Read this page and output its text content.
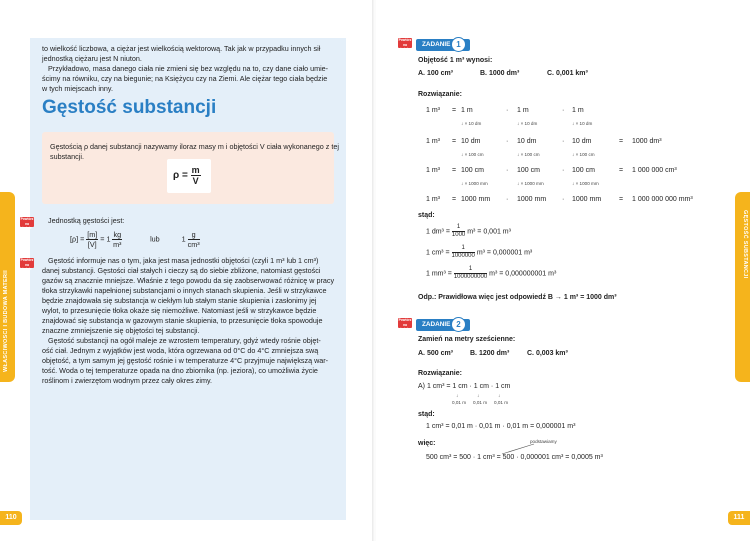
to wielkość liczbowa, a ciężar jest wielkością wektorową. Tak jak w przypadku innych sił
jednostką ciężaru jest N niuton.
Przykładowo, masa danego ciała nie zmieni się bez względu na to, czy dane ciało umie-
ścimy na równiku, czy na biegunie; na Księżycu czy na Ziemi. Ale ciężar tego ciała będzie
w tych miejscach inny.
Gęstość substancji
Gęstością ρ danej substancji nazywamy iloraz masy m i objętości V ciała wykonanego z tej
substancji.
$\rho = \frac{m}{V}$
Powtórz na teście
Jednostką gęstości jest:
$[\rho] = \frac{[m]}{[V]} = 1 \frac{kg}{\text{m³}}$	lub	$1 \frac{g}{\text{cm³}}$
Gęstość informuje nas o tym, jaka jest masa jednostki objętości (czyli 1 m³ lub 1 cm³)
danej substancji. Gęstości ciał stałych i cieczy są do siebie zbliżone, natomiast gęstości
gazów są znacznie mniejsze. Właśnie z tego powodu da się zaobserwować różnicę w pracy
tłoka strzykawki napełnionej substancjami o innych stanach skupienia. Jeśli w strzykawce
będzie znajdowała się substancja w ciekłym lub stałym stanie skupienia i zasłonimy jej
wylot, to przesunięcie tłoka okaże się niemożliwe. Natomiast jeśli w strzykawce będzie
znajdować się substancja w gazowym stanie skupienia, to przesunięcie tłoka spowoduje
znaczne zmniejszenie się objętości tej substancji.
Gęstość substancji na ogół maleje ze wzrostem temperatury, gdyż wtedy rośnie objęt-
ość ciał. Jednym z wyjątków jest woda, która ogrzewana od 0°C do 4°C zmniejsza swą
objętość, a tym samym jej gęstość rośnie i w temperaturze 4°C przyjmuje największą war-
tość. Woda o tej temperaturze opada na dno zbiornika (np. jeziora), co umożliwia życie
roślinom i zwierzętom wodnym przez cały okres zimy.
Powtórz na teście
WŁAŚCIWOŚCI I BUDOWA MATERII
110
Powtórz na teście
ZADANIE 1
Objętość 1 m³ wynosi:
A. 100 cm³	B. 1000 dm³	C. 0,001 km³
Rozwiązanie:
1 m³ = 1 m	· 1 m	· 1 m
↓ × 10 dm	↓ × 10 dm	↓ × 10 dm
1 m³ = 10 dm	· 10 dm	· 10 dm	= 1000 dm³
↓ × 100 cm	↓ × 100 cm	↓ × 100 cm
1 m³ = 100 cm	· 100 cm	· 100 cm	= 1 000 000 cm³
↓ × 1000 mm	↓ × 1000 mm	↓ × 1000 mm
1 m³ = 1000 mm · 1000 mm · 1000 mm	= 1 000 000 000 mm³
stąd:
1 $dm^3 = \frac{1}{1000} m^3 = 0,001$ m³
1 $cm^3 = \frac{1}{1000000} m^3 = 0,000001$ m³
1 $mm^3 = \frac{1}{1000000000} m^3 = 0,000000001$ m³
Odp.: Prawidłowa więc jest odpowiedź B → 1 m³ = 1000 dm³
Powtórz na teście
ZADANIE 2
Zamień na metry sześcienne:
A. 500 cm³ B. 1200 dm³	C. 0,003 km³
Rozwiązanie:
A) 1 cm³ = 1 cm · 1 cm · 1 cm
↓	↓	↓
0,01 m 0,01 m 0,01 m
stąd:
1 cm³ = 0,01 m · 0,01 m · 0,01 m = 0,000001 m³
więc:	podstawiamy
500 cm³ = 500 · 1 cm³ = 500 · 0,000001 cm³ = 0,0005 m³
GĘSTOŚĆ SUBSTANCJI
111
